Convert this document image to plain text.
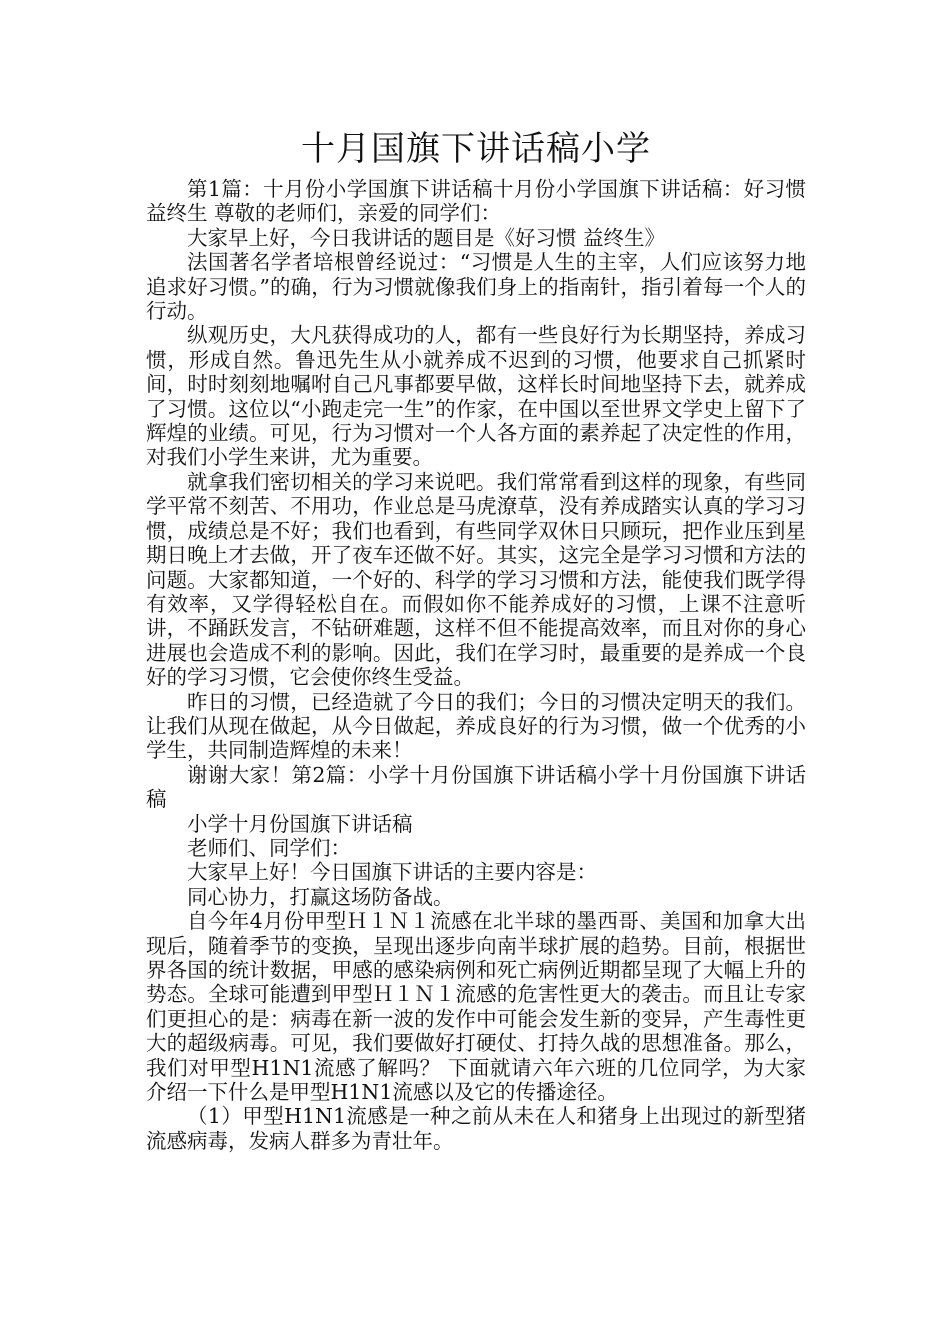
十月国旗下讲话稿小学

第1篇：十月份小学国旗下讲话稿十月份小学国旗下讲话稿：好习惯 益终生 尊敬的老师们，亲爱的同学们：

大家早上好，今日我讲话的题目是《好习惯 益终生》

法国著名学者培根曾经说过：“习惯是人生的主宰，人们应该努力地追求好习惯。”的确，行为习惯就像我们身上的指南针，指引着每一个人的行动。

纵观历史，大凡获得成功的人，都有一些良好行为长期坚持，养成习惯，形成自然。鲁迅先生从小就养成不迟到的习惯，他要求自己抓紧时间，时时刻刻地嘱咐自己凡事都要早做，这样长时间地坚持下去，就养成了习惯。这位以“小跑走完一生”的作家，在中国以至世界文学史上留下了辉煌的业绩。可见，行为习惯对一个人各方面的素养起了决定性的作用，对我们小学生来讲，尤为重要。

就拿我们密切相关的学习来说吧。我们常常看到这样的现象，有些同学平常不刻苦、不用功，作业总是马虎潦草，没有养成踏实认真的学习习惯，成绩总是不好；我们也看到，有些同学双休日只顾玩，把作业压到星期日晚上才去做，开了夜车还做不好。其实，这完全是学习习惯和方法的问题。大家都知道，一个好的、科学的学习习惯和方法，能使我们既学得有效率，又学得轻松自在。而假如你不能养成好的习惯，上课不注意听讲，不踊跃发言，不钻研难题，这样不但不能提高效率，而且对你的身心进展也会造成不利的影响。因此，我们在学习时，最重要的是养成一个良好的学习习惯，它会使你终生受益。

昨日的习惯，已经造就了今日的我们；今日的习惯决定明天的我们。让我们从现在做起，从今日做起，养成良好的行为习惯，做一个优秀的小学生，共同制造辉煌的未来！

谢谢大家！第2篇：小学十月份国旗下讲话稿小学十月份国旗下讲话稿

小学十月份国旗下讲话稿

老师们、同学们：

大家早上好！今日国旗下讲话的主要内容是：

同心协力，打赢这场防备战。

自今年4月份甲型Ｈ１Ｎ１流感在北半球的墨西哥、美国和加拿大出现后，随着季节的变换，呈现出逐步向南半球扩展的趋势。目前，根据世界各国的统计数据，甲感的感染病例和死亡病例近期都呈现了大幅上升的势态。全球可能遭到甲型Ｈ１Ｎ１流感的危害性更大的袭击。而且让专家们更担心的是：病毒在新一波的发作中可能会发生新的变异，产生毒性更大的超级病毒。可见，我们要做好打硬仗、打持久战的思想准备。那么，我们对甲型H1N1流感了解吗？ 下面就请六年六班的几位同学，为大家介绍一下什么是甲型H1N1流感以及它的传播途径。

（1）甲型H1N1流感是一种之前从未在人和猪身上出现过的新型猪流感病毒，发病人群多为青壮年。
